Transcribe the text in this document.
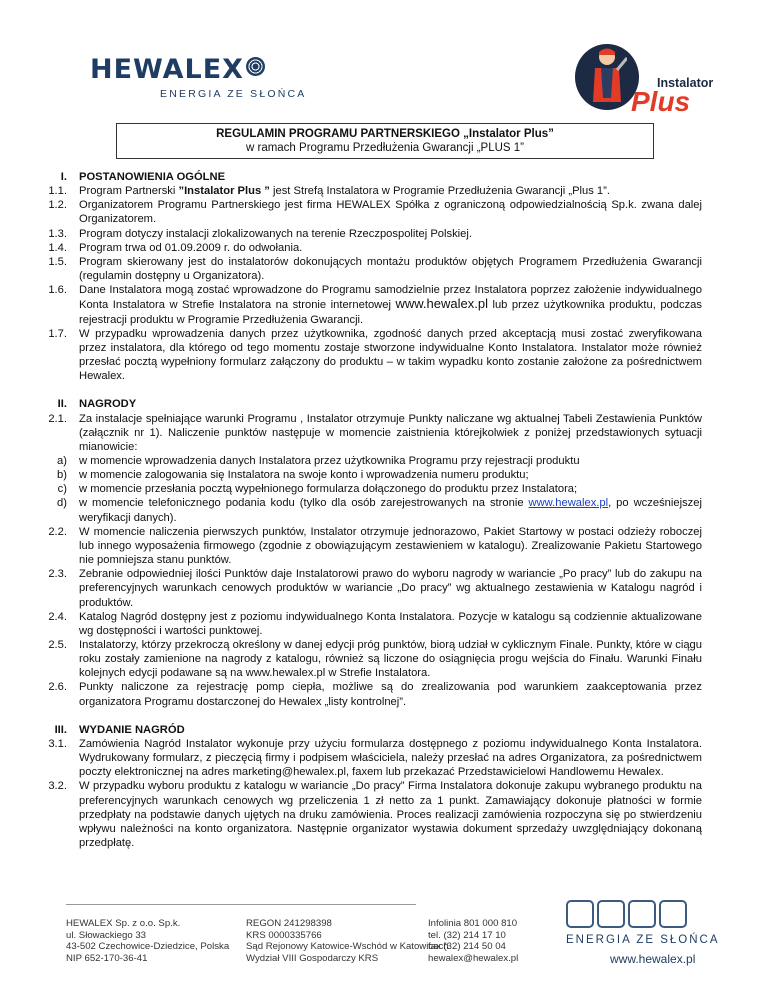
HEWALEX
ENERGIA ZE SŁOŃCA
Instalator
Plus
REGULAMIN PROGRAMU PARTNERSKIEGO „Instalator Plus”
w ramach Programu Przedłużenia Gwarancji „PLUS 1”
I. POSTANOWIENIA OGÓLNE
1.1. Program Partnerski ”Instalator Plus ” jest Strefą Instalatora w Programie Przedłużenia Gwarancji „Plus 1”.
1.2. Organizatorem Programu Partnerskiego jest firma HEWALEX Spółka z ograniczoną odpowiedzialnością Sp.k. zwana dalej Organizatorem.
1.3. Program dotyczy instalacji zlokalizowanych na terenie Rzeczpospolitej Polskiej.
1.4. Program trwa od 01.09.2009 r. do odwołania.
1.5. Program skierowany jest do instalatorów dokonujących montażu produktów objętych Programem Przedłużenia Gwarancji (regulamin dostępny u Organizatora).
1.6. Dane Instalatora mogą zostać wprowadzone do Programu samodzielnie przez Instalatora poprzez założenie indywidualnego Konta Instalatora w Strefie Instalatora na stronie internetowej www.hewalex.pl lub przez użytkownika produktu, podczas rejestracji produktu w Programie Przedłużenia Gwarancji.
1.7. W przypadku wprowadzenia danych przez użytkownika, zgodność danych przed akceptacją musi zostać zweryfikowana przez instalatora, dla którego od tego momentu zostaje stworzone indywidualne Konto Instalatora. Instalator może również przesłać pocztą wypełniony formularz załączony do produktu – w takim wypadku konto zostanie założone za pośrednictwem Hewalex.
II. NAGRODY
2.1. Za instalacje spełniające warunki Programu , Instalator otrzymuje Punkty naliczane wg aktualnej Tabeli Zestawienia Punktów (załącznik nr 1). Naliczenie punktów następuje w momencie zaistnienia którejkolwiek z poniżej przedstawionych sytuacji mianowicie:
a) w momencie wprowadzenia danych Instalatora przez użytkownika Programu przy rejestracji produktu
b) w momencie zalogowania się Instalatora na swoje konto i wprowadzenia numeru produktu;
c) w momencie przesłania pocztą wypełnionego formularza dołączonego do produktu przez Instalatora;
d) w momencie telefonicznego podania kodu (tylko dla osób zarejestrowanych na stronie www.hewalex.pl, po wcześniejszej weryfikacji danych).
2.2. W momencie naliczenia pierwszych punktów, Instalator otrzymuje jednorazowo, Pakiet Startowy w postaci odzieży roboczej lub innego wyposażenia firmowego (zgodnie z obowiązującym zestawieniem w katalogu). Zrealizowanie Pakietu Startowego nie pomniejsza stanu punktów.
2.3. Zebranie odpowiedniej ilości Punktów daje Instalatorowi prawo do wyboru nagrody w wariancie „Po pracy” lub do zakupu na preferencyjnych warunkach cenowych produktów w wariancie „Do pracy” wg aktualnego zestawienia w Katalogu nagród i produktów.
2.4. Katalog Nagród dostępny jest z poziomu indywidualnego Konta Instalatora. Pozycje w katalogu są codziennie aktualizowane wg dostępności i wartości punktowej.
2.5. Instalatorzy, którzy przekroczą określony w danej edycji próg punktów, biorą udział w cyklicznym Finale. Punkty, które w ciągu roku zostały zamienione na nagrody z katalogu, również są liczone do osiągnięcia progu wejścia do Finału. Warunki Finału kolejnych edycji podawane są na www.hewalex.pl w Strefie Instalatora.
2.6. Punkty naliczone za rejestrację pomp ciepła, możliwe są do zrealizowania pod warunkiem zaakceptowania przez organizatora Programu dostarczonej do Hewalex „listy kontrolnej”.
III. WYDANIE NAGRÓD
3.1. Zamówienia Nagród Instalator wykonuje przy użyciu formularza dostępnego z poziomu indywidualnego Konta Instalatora. Wydrukowany formularz, z pieczęcią firmy i podpisem właściciela, należy przesłać na adres Organizatora, za pośrednictwem poczty elektronicznej na adres marketing@hewalex.pl, faxem lub przekazać Przedstawicielowi Handlowemu Hewalex.
3.2. W przypadku wyboru produktu z katalogu w wariancie „Do pracy” Firma Instalatora dokonuje zakupu wybranego produktu na preferencyjnych warunkach cenowych wg przeliczenia 1 zł netto za 1 punkt. Zamawiający dokonuje płatności w formie przedpłaty na podstawie danych ujętych na druku zamówienia. Proces realizacji zamówienia rozpoczyna się po stwierdzeniu wpływu należności na konto organizatora. Następnie organizator wystawia dokument sprzedaży uwzględniający dokonaną przedpłatę.
HEWALEX Sp. z o.o. Sp.k.
ul. Słowackiego 33
43-502 Czechowice-Dziedzice, Polska
NIP 652-170-36-41
REGON 241298398
KRS 0000335766
Sąd Rejonowy Katowice-Wschód w Katowicach
Wydział VIII Gospodarczy KRS
Infolinia 801 000 810
tel. (32) 214 17 10
fax (32) 214 50 04
hewalex@hewalex.pl
ENERGIA ZE SŁOŃCA
www.hewalex.pl
